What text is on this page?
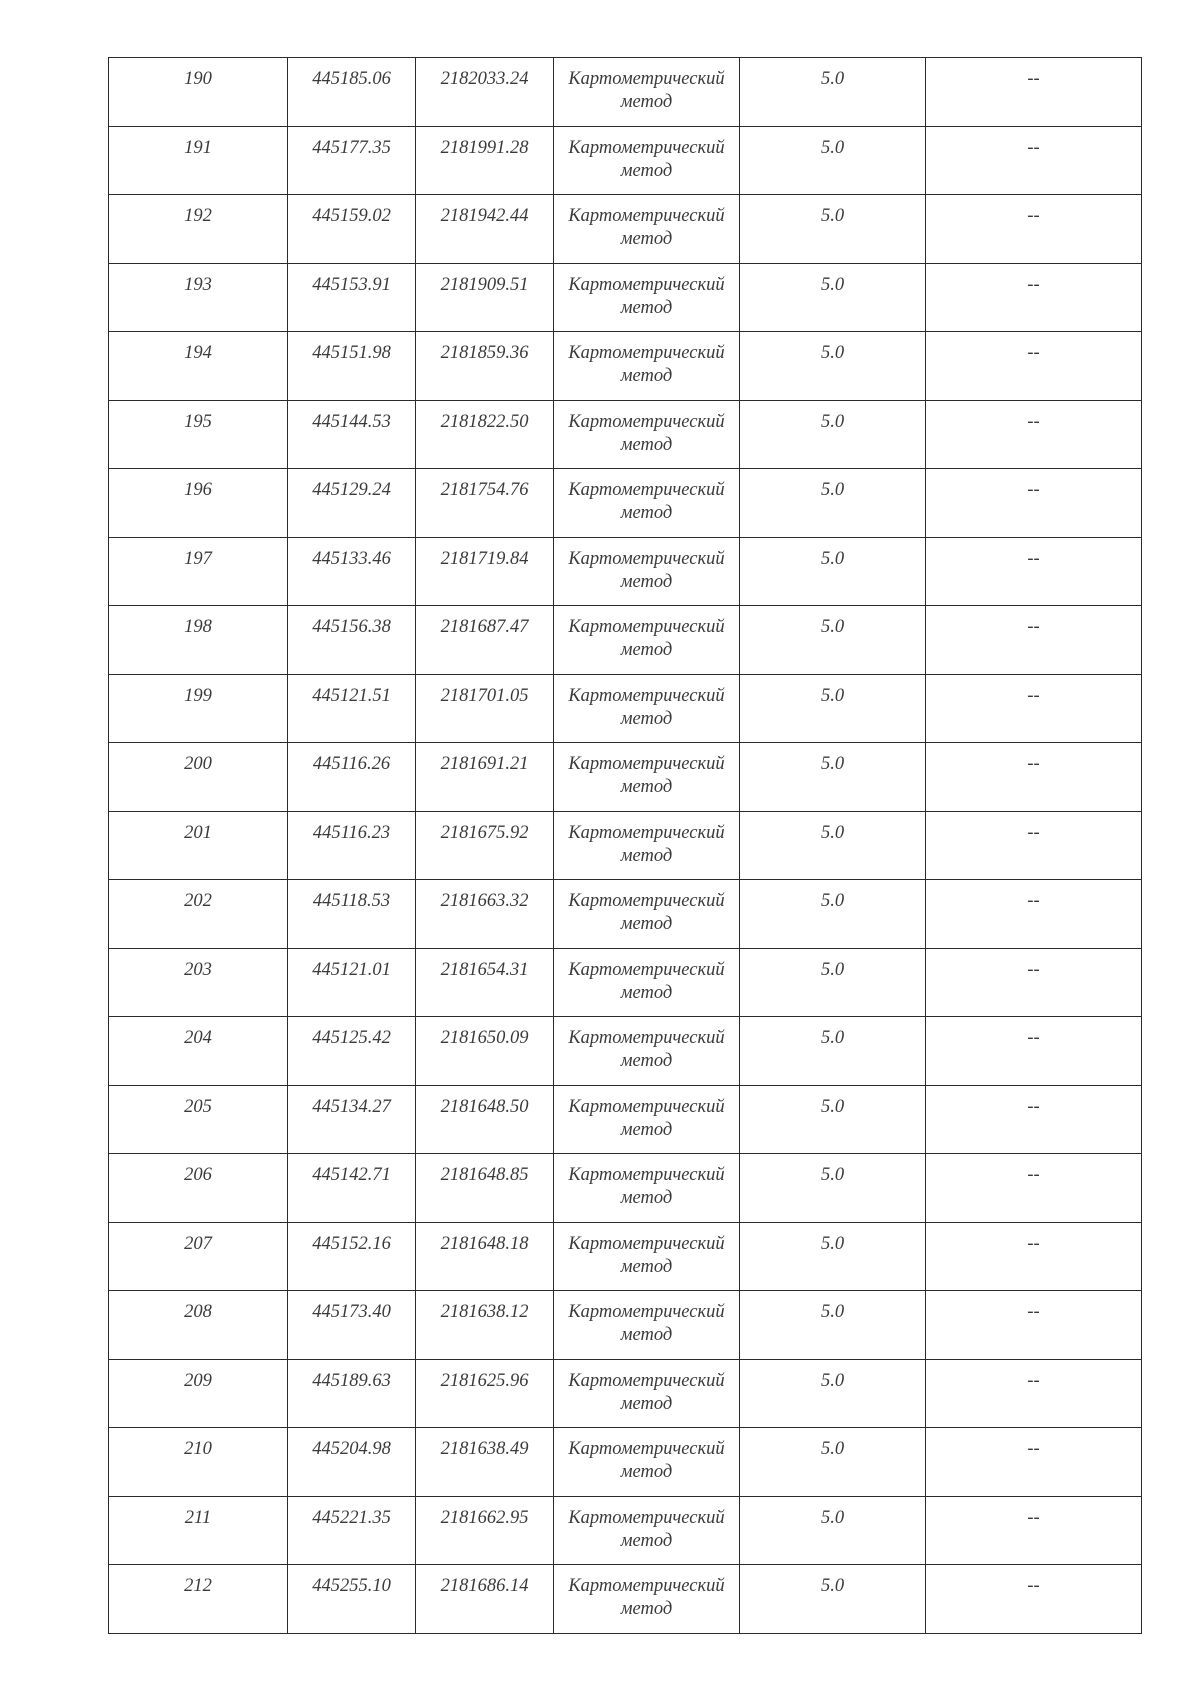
190	445185.06	2182033.24	Картометрический метод	5.0	--
191	445177.35	2181991.28	Картометрический метод	5.0	--
192	445159.02	2181942.44	Картометрический метод	5.0	--
193	445153.91	2181909.51	Картометрический метод	5.0	--
194	445151.98	2181859.36	Картометрический метод	5.0	--
195	445144.53	2181822.50	Картометрический метод	5.0	--
196	445129.24	2181754.76	Картометрический метод	5.0	--
197	445133.46	2181719.84	Картометрический метод	5.0	--
198	445156.38	2181687.47	Картометрический метод	5.0	--
199	445121.51	2181701.05	Картометрический метод	5.0	--
200	445116.26	2181691.21	Картометрический метод	5.0	--
201	445116.23	2181675.92	Картометрический метод	5.0	--
202	445118.53	2181663.32	Картометрический метод	5.0	--
203	445121.01	2181654.31	Картометрический метод	5.0	--
204	445125.42	2181650.09	Картометрический метод	5.0	--
205	445134.27	2181648.50	Картометрический метод	5.0	--
206	445142.71	2181648.85	Картометрический метод	5.0	--
207	445152.16	2181648.18	Картометрический метод	5.0	--
208	445173.40	2181638.12	Картометрический метод	5.0	--
209	445189.63	2181625.96	Картометрический метод	5.0	--
210	445204.98	2181638.49	Картометрический метод	5.0	--
211	445221.35	2181662.95	Картометрический метод	5.0	--
212	445255.10	2181686.14	Картометрический метод	5.0	--
